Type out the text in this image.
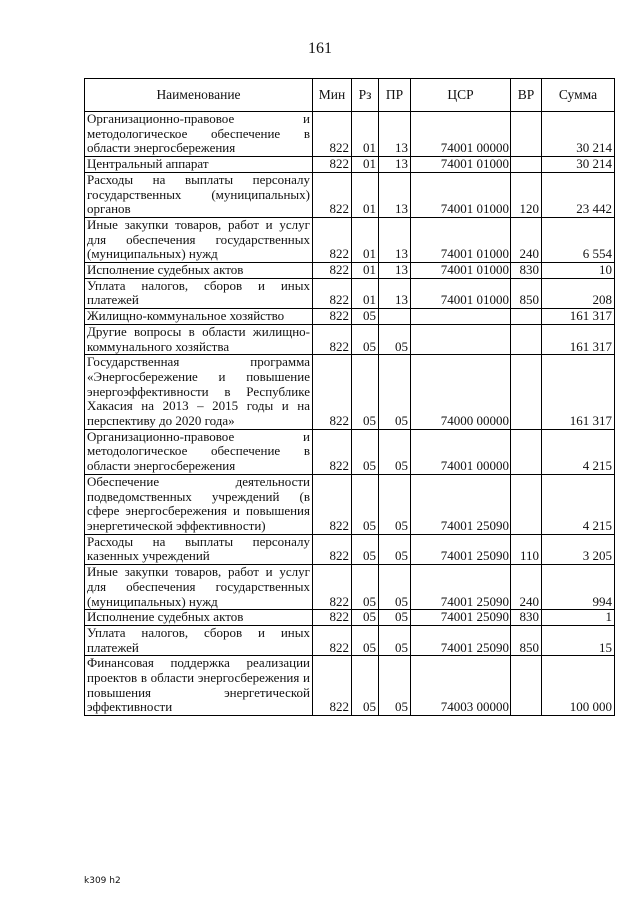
161
Наименование	Мин	Рз	ПР	ЦСР	ВР	Сумма
Организационно-правовое и методологическое обеспечение в области энергосбережения	822	01	13	74001 00000		30 214
Центральный аппарат	822	01	13	74001 01000		30 214
Расходы на выплаты персоналу государственных (муниципальных) органов	822	01	13	74001 01000	120	23 442
Иные закупки товаров, работ и услуг для обеспечения государственных (муниципальных) нужд	822	01	13	74001 01000	240	6 554
Исполнение судебных актов	822	01	13	74001 01000	830	10
Уплата налогов, сборов и иных платежей	822	01	13	74001 01000	850	208
Жилищно-коммунальное хозяйство	822	05				161 317
Другие вопросы в области жилищно-коммунального хозяйства	822	05	05			161 317
Государственная программа «Энергосбережение и повышение энергоэффективности в Республике Хакасия на 2013 – 2015 годы и на перспективу до 2020 года»	822	05	05	74000 00000		161 317
Организационно-правовое и методологическое обеспечение в области энергосбережения	822	05	05	74001 00000		4 215
Обеспечение деятельности подведомственных учреждений (в сфере энергосбережения и повышения энергетической эффективности)	822	05	05	74001 25090		4 215
Расходы на выплаты персоналу казенных учреждений	822	05	05	74001 25090	110	3 205
Иные закупки товаров, работ и услуг для обеспечения государственных (муниципальных) нужд	822	05	05	74001 25090	240	994
Исполнение судебных актов	822	05	05	74001 25090	830	1
Уплата налогов, сборов и иных платежей	822	05	05	74001 25090	850	15
Финансовая поддержка реализации проектов в области энергосбережения и повышения энергетической эффективности	822	05	05	74003 00000		100 000
k309 h2
